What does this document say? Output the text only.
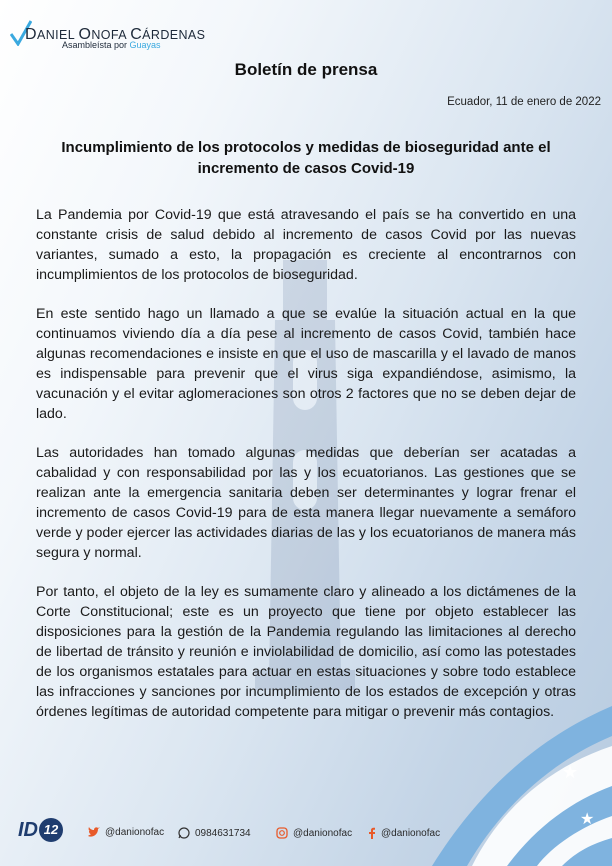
DANIEL ONOFA CÁRDENAS
Asambleísta por Guayas
Boletín de prensa
Ecuador, 11 de enero de 2022
Incumplimiento de los protocolos y medidas de bioseguridad ante el incremento de casos Covid-19

La Pandemia por Covid-19 que está atravesando el país se ha convertido en una constante crisis de salud debido al incremento de casos Covid por las nuevas variantes, sumado a esto, la propagación es creciente al encontrarnos con incumplimientos de los protocolos de bioseguridad.

En este sentido hago un llamado a que se evalúe la situación actual en la que continuamos viviendo día a día pese al incremento de casos Covid, también hace algunas recomendaciones e insiste en que el uso de mascarilla y el lavado de manos es indispensable para prevenir que el virus siga expandiéndose, asimismo, la vacunación y el evitar aglomeraciones son otros 2 factores que no se deben dejar de lado.

Las autoridades han tomado algunas medidas que deberían ser acatadas a cabalidad y con responsabilidad por las y los ecuatorianos. Las gestiones que se realizan ante la emergencia sanitaria deben ser determinantes y lograr frenar el incremento de casos Covid-19 para de esta manera llegar nuevamente a semáforo verde y poder ejercer las actividades diarias de las y los ecuatorianos de manera más segura y normal.

Por tanto, el objeto de la ley es sumamente claro y alineado a los dictámenes de la Corte Constitucional; este es un proyecto que tiene por objeto establecer las disposiciones para la gestión de la Pandemia regulando las limitaciones al derecho de libertad de tránsito y reunión e inviolabilidad de domicilio, así como las potestades de los organismos estatales para actuar en estas situaciones y sobre todo establece las infracciones y sanciones por incumplimiento de los estados de excepción y otras órdenes legítimas de autoridad competente para mitigar o prevenir más contagios.

★
★
ID 12	@danionofac	0984631734	@danionofac	@danionofac
